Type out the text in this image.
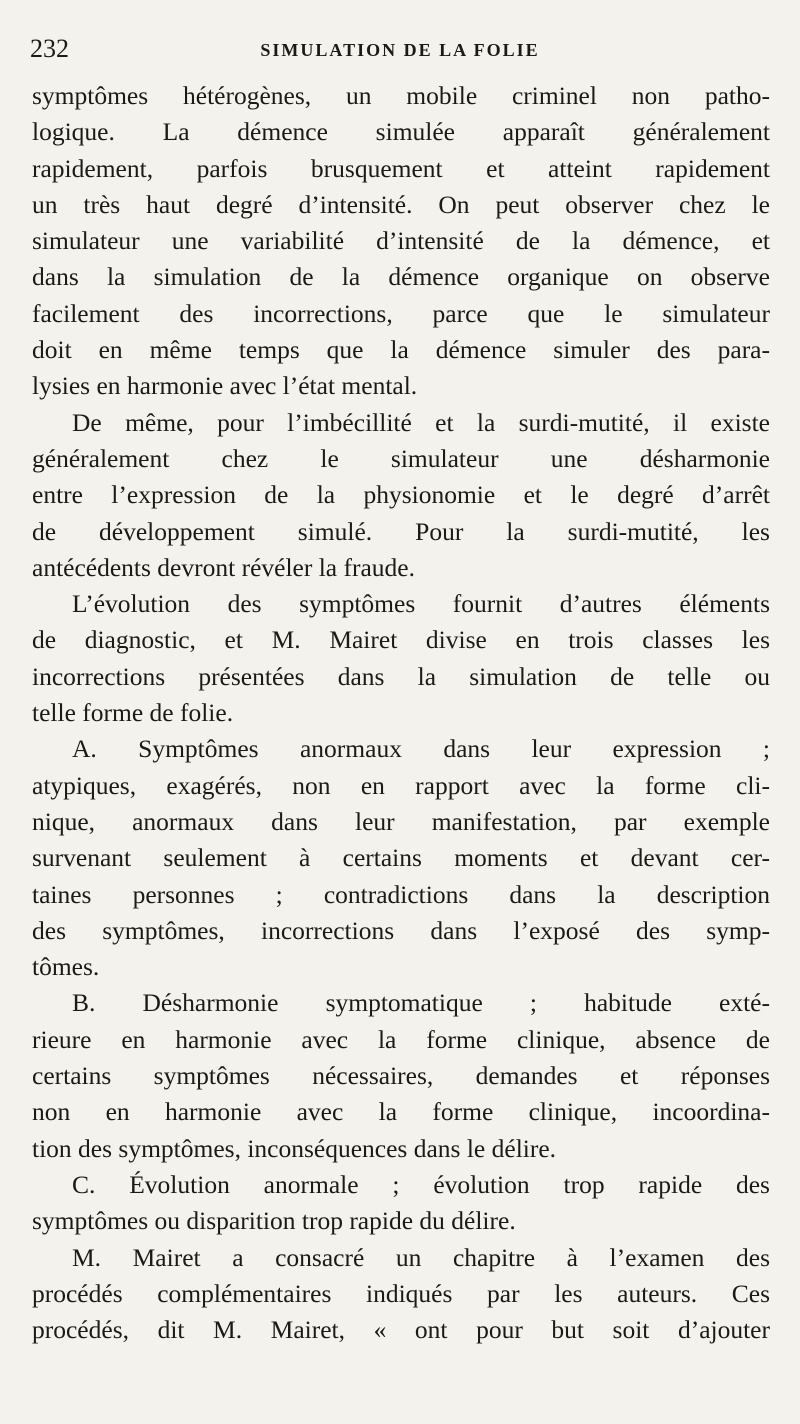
232	SIMULATION DE LA FOLIE
symptômes hétérogènes, un mobile criminel non patho-
logique. La démence simulée apparaît généralement
rapidement, parfois brusquement et atteint rapidement
un très haut degré d’intensité. On peut observer chez le
simulateur une variabilité d’intensité de la démence, et
dans la simulation de la démence organique on observe
facilement des incorrections, parce que le simulateur
doit en même temps que la démence simuler des para-
lysies en harmonie avec l’état mental.
De même, pour l’imbécillité et la surdi-mutité, il existe
généralement chez le simulateur une désharmonie
entre l’expression de la physionomie et le degré d’arrêt
de développement simulé. Pour la surdi-mutité, les
antécédents devront révéler la fraude.
L’évolution des symptômes fournit d’autres éléments
de diagnostic, et M. Mairet divise en trois classes les
incorrections présentées dans la simulation de telle ou
telle forme de folie.
A. Symptômes anormaux dans leur expression ;
atypiques, exagérés, non en rapport avec la forme cli-
nique, anormaux dans leur manifestation, par exemple
survenant seulement à certains moments et devant cer-
taines personnes ; contradictions dans la description
des symptômes, incorrections dans l’exposé des symp-
tômes.
B. Désharmonie symptomatique ; habitude exté-
rieure en harmonie avec la forme clinique, absence de
certains symptômes nécessaires, demandes et réponses
non en harmonie avec la forme clinique, incoordina-
tion des symptômes, inconséquences dans le délire.
C. Évolution anormale ; évolution trop rapide des
symptômes ou disparition trop rapide du délire.
M. Mairet a consacré un chapitre à l’examen des
procédés complémentaires indiqués par les auteurs. Ces
procédés, dit M. Mairet, « ont pour but soit d’ajouter
